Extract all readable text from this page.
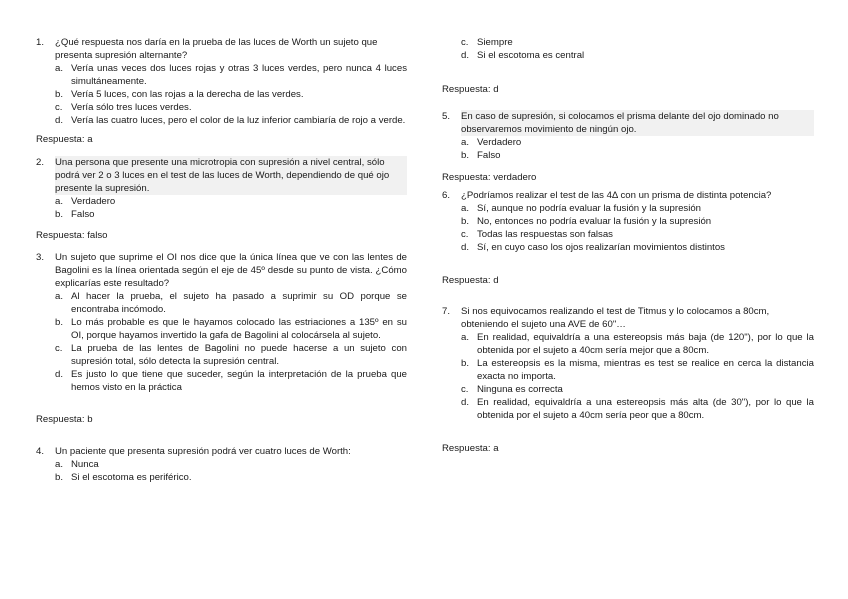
1. ¿Qué respuesta nos daría en la prueba de las luces de Worth un sujeto que presenta supresión alternante?
a. Vería unas veces dos luces rojas y otras 3 luces verdes, pero nunca 4 luces simultáneamente.
b. Vería 5 luces, con las rojas a la derecha de las verdes.
c. Vería sólo tres luces verdes.
d. Vería las cuatro luces, pero el color de la luz inferior cambiaría de rojo a verde.
Respuesta: a
2. Una persona que presente una microtropia con supresión a nivel central, sólo podrá ver 2 o 3 luces en el test de las luces de Worth, dependiendo de qué ojo presente la supresión.
a. Verdadero
b. Falso
Respuesta: falso
3. Un sujeto que suprime el OI nos dice que la única línea que ve con las lentes de Bagolini es la línea orientada según el eje de 45º desde su punto de vista. ¿Cómo explicarías este resultado?
a. Al hacer la prueba, el sujeto ha pasado a suprimir su OD porque se encontraba incómodo.
b. Lo más probable es que le hayamos colocado las estriaciones a 135º en su OI, porque hayamos invertido la gafa de Bagolini al colocársela al sujeto.
c. La prueba de las lentes de Bagolini no puede hacerse a un sujeto con supresión total, sólo detecta la supresión central.
d. Es justo lo que tiene que suceder, según la interpretación de la prueba que hemos visto en la práctica
Respuesta: b
4. Un paciente que presenta supresión podrá ver cuatro luces de Worth:
a. Nunca
b. Si el escotoma es periférico.
c. Siempre
d. Si el escotoma es central
Respuesta: d
5. En caso de supresión, si colocamos el prisma delante del ojo dominado no observaremos movimiento de ningún ojo.
a. Verdadero
b. Falso
Respuesta: verdadero
6. ¿Podríamos realizar el test de las 4Δ con un prisma de distinta potencia?
a. Sí, aunque no podría evaluar la fusión y la supresión
b. No, entonces no podría evaluar la fusión y la supresión
c. Todas las respuestas son falsas
d. Sí, en cuyo caso los ojos realizarían movimientos distintos
Respuesta: d
7. Si nos equivocamos realizando el test de Titmus y lo colocamos a 80cm, obteniendo el sujeto una AVE de 60"…
a. En realidad, equivaldría a una estereopsis más baja (de 120"), por lo que la obtenida por el sujeto a 40cm sería mejor que a 80cm.
b. La estereopsis es la misma, mientras es test se realice en cerca la distancia exacta no importa.
c. Ninguna es correcta
d. En realidad, equivaldría a una estereopsis más alta (de 30"), por lo que la obtenida por el sujeto a 40cm sería peor que a 80cm.
Respuesta: a
